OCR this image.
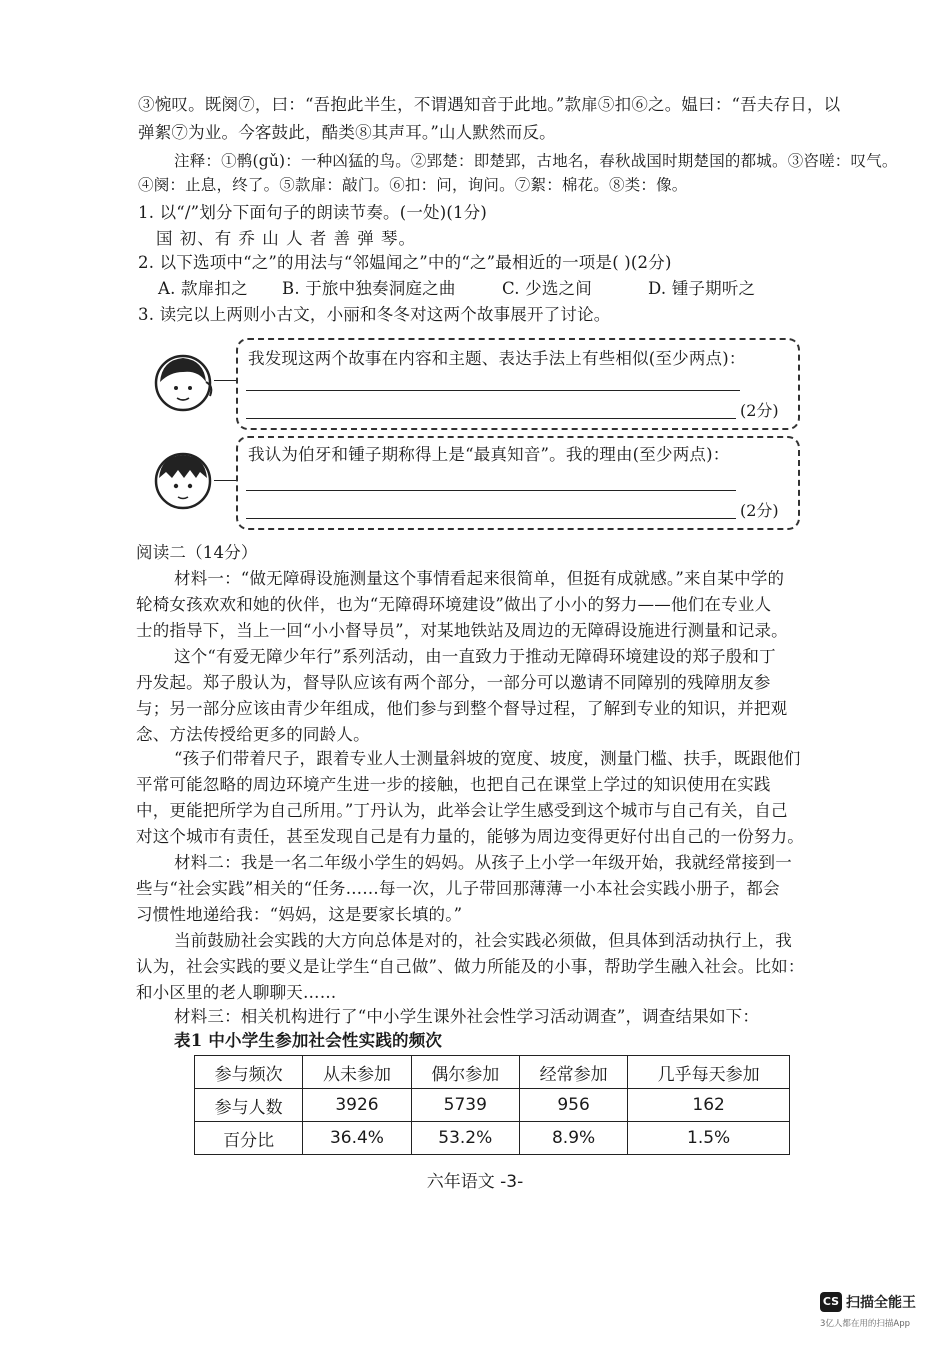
③惋叹。既阕⑦，曰：“吾抱此半生，不谓遇知音于此地。”款扉⑤扣⑥之。媪曰：“吾夫存日，以
弹絮⑦为业。今客鼓此，酷类⑧其声耳。”山人默然而反。
注释：①鹘(gǔ)：一种凶猛的鸟。②郢楚：即楚郢，古地名，春秋战国时期楚国的都城。③咨嗟：叹气。
④阕：止息，终了。⑤款扉：敲门。⑥扣：问，询问。⑦絮：棉花。⑧类：像。
1. 以“/”划分下面句子的朗读节奏。(一处)(1分)
国 初、有 乔 山 人 者 善 弹 琴。
2. 以下选项中“之”的用法与“邻媪闻之”中的“之”最相近的一项是( )(2分)
A. 款扉扣之 B. 于旅中独奏洞庭之曲	C. 少选之间	D. 锺子期听之
3. 读完以上两则小古文，小丽和冬冬对这两个故事展开了讨论。
我发现这两个故事在内容和主题、表达手法上有些相似(至少两点)：
(2分)
我认为伯牙和锺子期称得上是“最真知音”。我的理由(至少两点)：
(2分)
阅读二（14分）
材料一：“做无障碍设施测量这个事情看起来很简单，但挺有成就感。”来自某中学的
轮椅女孩欢欢和她的伙伴，也为“无障碍环境建设”做出了小小的努力——他们在专业人
士的指导下，当上一回“小小督导员”，对某地铁站及周边的无障碍设施进行测量和记录。
这个“有爱无障少年行”系列活动，由一直致力于推动无障碍环境建设的郑子殷和丁
丹发起。郑子殷认为，督导队应该有两个部分，一部分可以邀请不同障别的残障朋友参
与；另一部分应该由青少年组成，他们参与到整个督导过程，了解到专业的知识，并把观
念、方法传授给更多的同龄人。
“孩子们带着尺子，跟着专业人士测量斜坡的宽度、坡度，测量门槛、扶手，既跟他们
平常可能忽略的周边环境产生进一步的接触，也把自己在课堂上学过的知识使用在实践
中，更能把所学为自己所用。”丁丹认为，此举会让学生感受到这个城市与自己有关，自己
对这个城市有责任，甚至发现自己是有力量的，能够为周边变得更好付出自己的一份努力。
材料二：我是一名二年级小学生的妈妈。从孩子上小学一年级开始，我就经常接到一
些与“社会实践”相关的“任务……每一次，儿子带回那薄薄一小本社会实践小册子，都会
习惯性地递给我：“妈妈，这是要家长填的。”
当前鼓励社会实践的大方向总体是对的，社会实践必须做，但具体到活动执行上，我
认为，社会实践的要义是让学生“自己做”、做力所能及的小事，帮助学生融入社会。比如：
和小区里的老人聊聊天……
材料三：相关机构进行了“中小学生课外社会性学习活动调查”，调查结果如下：
表1 中小学生参加社会性实践的频次
参与频次	从未参加	偶尔参加	经常参加	几乎每天参加
参与人数	3926	5739	956	162
百分比	36.4%	53.2%	8.9%	1.5%
六年语文 -3-
CS 扫描全能王
3亿人都在用的扫描App
